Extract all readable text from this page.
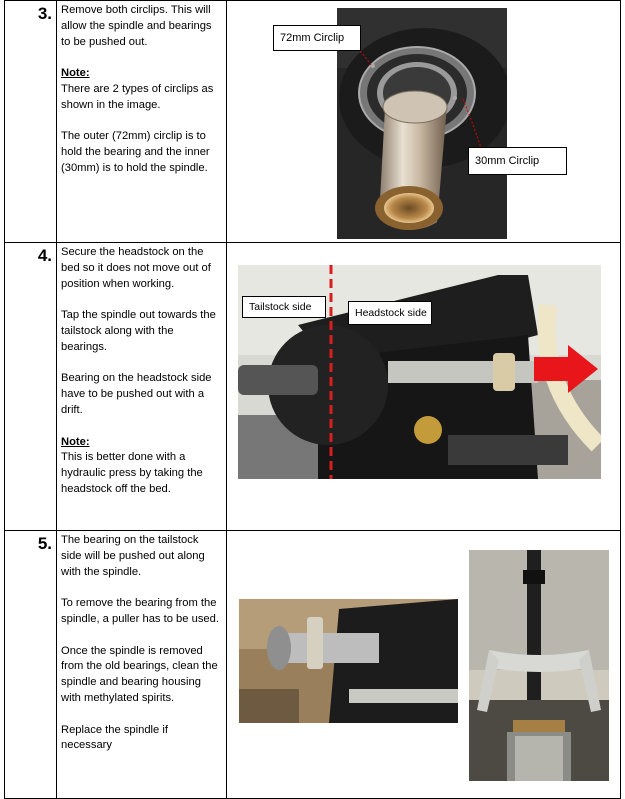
3. Remove both circlips. This will allow the spindle and bearings to be pushed out.

Note:
There are 2 types of circlips as shown in the image.

The outer (72mm) circlip is to hold the bearing and the inner (30mm) is to hold the spindle.

72mm Circlip
30mm Circlip
4. Secure the headstock on the bed so it does not move out of position when working.

Tap the spindle out towards the tailstock along with the bearings.

Bearing on the headstock side have to be pushed out with a drift.

Note:
This is better done with a hydraulic press by taking the headstock off the bed.

Tailstock side	Headstock side
5. The bearing on the tailstock side will be pushed out along with the spindle.

To remove the bearing from the spindle, a puller has to be used.

Once the spindle is removed from the old bearings, clean the spindle and bearing housing with methylated spirits.

Replace the spindle if necessary
